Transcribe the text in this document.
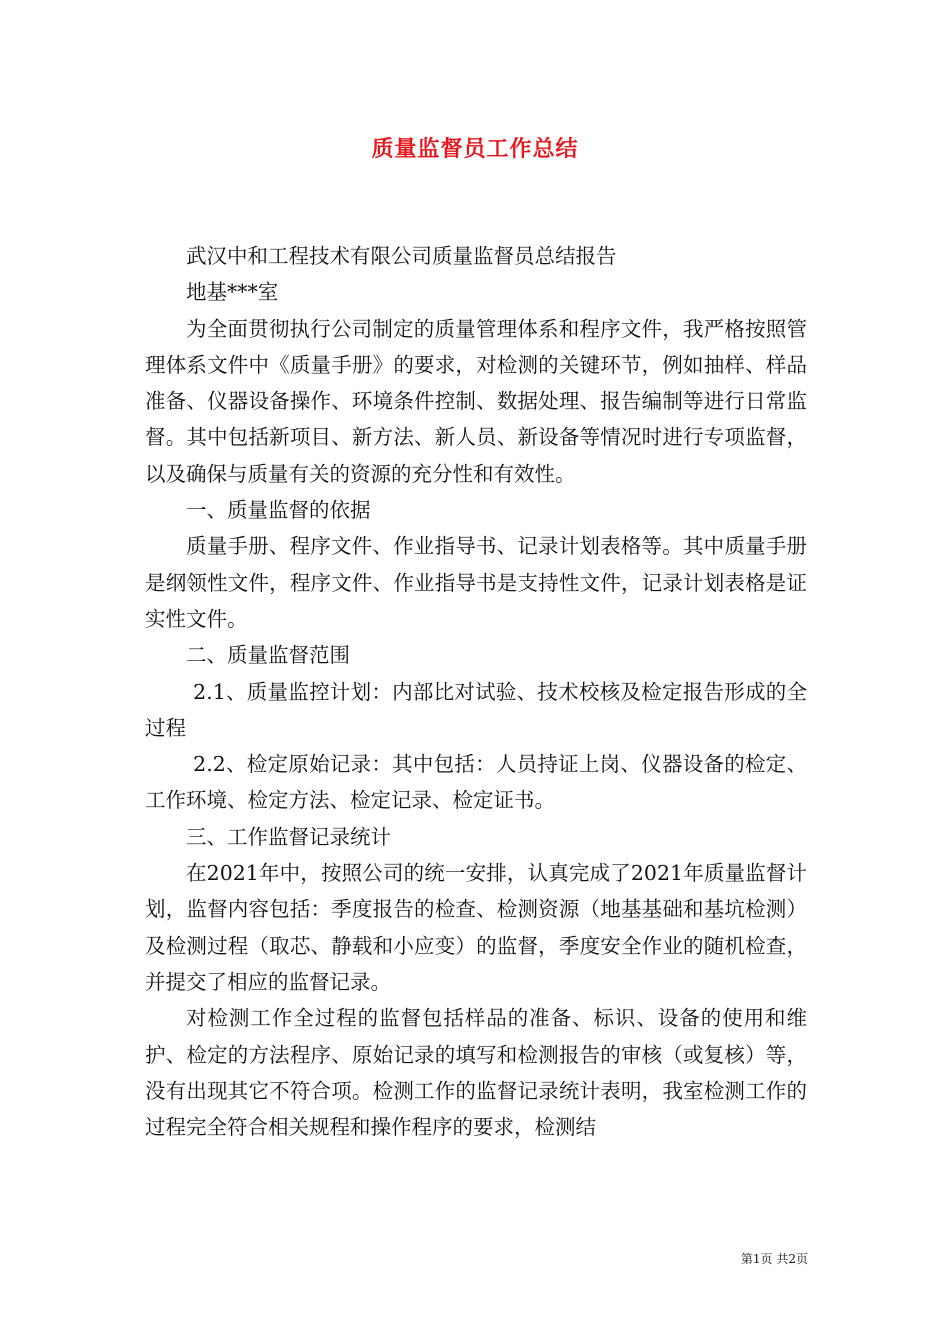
质量监督员工作总结

武汉中和工程技术有限公司质量监督员总结报告

地基***室

为全面贯彻执行公司制定的质量管理体系和程序文件，我严格按照管理体系文件中《质量手册》的要求，对检测的关键环节，例如抽样、样品准备、仪器设备操作、环境条件控制、数据处理、报告编制等进行日常监督。其中包括新项目、新方法、新人员、新设备等情况时进行专项监督，以及确保与质量有关的资源的充分性和有效性。

一、质量监督的依据

质量手册、程序文件、作业指导书、记录计划表格等。其中质量手册是纲领性文件，程序文件、作业指导书是支持性文件，记录计划表格是证实性文件。

二、质量监督范围

2.1、质量监控计划：内部比对试验、技术校核及检定报告形成的全过程

2.2、检定原始记录：其中包括：人员持证上岗、仪器设备的检定、工作环境、检定方法、检定记录、检定证书。

三、工作监督记录统计

在2021年中，按照公司的统一安排，认真完成了2021年质量监督计划，监督内容包括：季度报告的检查、检测资源（地基基础和基坑检测）及检测过程（取芯、静载和小应变）的监督，季度安全作业的随机检查，并提交了相应的监督记录。

对检测工作全过程的监督包括样品的准备、标识、设备的使用和维护、检定的方法程序、原始记录的填写和检测报告的审核（或复核）等，没有出现其它不符合项。检测工作的监督记录统计表明，我室检测工作的过程完全符合相关规程和操作程序的要求，检测结

第1页 共2页
